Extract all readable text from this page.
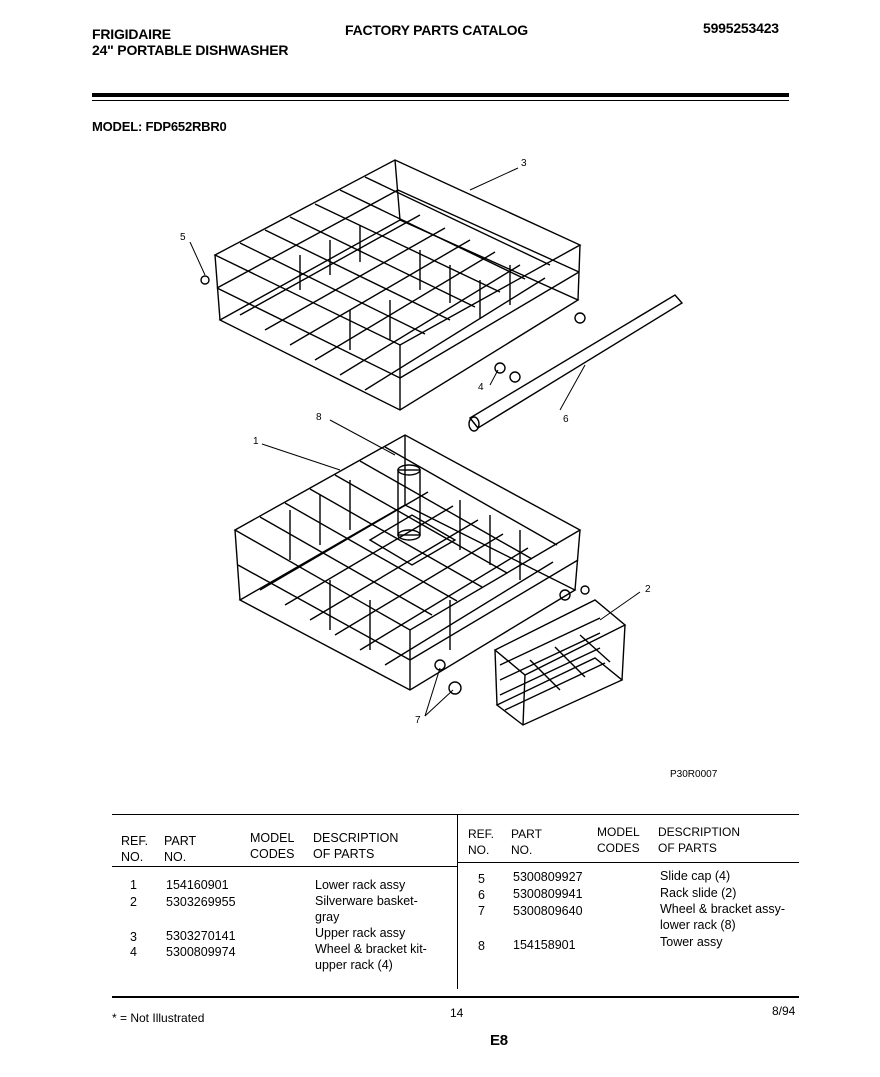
FRIGIDAIRE
24" PORTABLE DISHWASHER
FACTORY PARTS CATALOG	5995253423
MODEL: FDP652RBR0
3
5
4
6
8
1
2
7
P30R0007
REF.
NO.
PART
NO.
MODEL
CODES
DESCRIPTION
OF PARTS
REF.
NO.
PART
NO.
MODEL
CODES
DESCRIPTION
OF PARTS
1 154160901	Lower rack assy
2 5303269955	Silverware basket-
gray
3 5303270141	Upper rack assy
4 5300809974	Wheel & bracket kit-
upper rack (4)
5 5300809927	Slide cap (4)
6 5300809941	Rack slide (2)
7 5300809640	Wheel & bracket assy-
lower rack (8)
8 154158901	Tower assy
* = Not Illustrated	14	8/94
E8
